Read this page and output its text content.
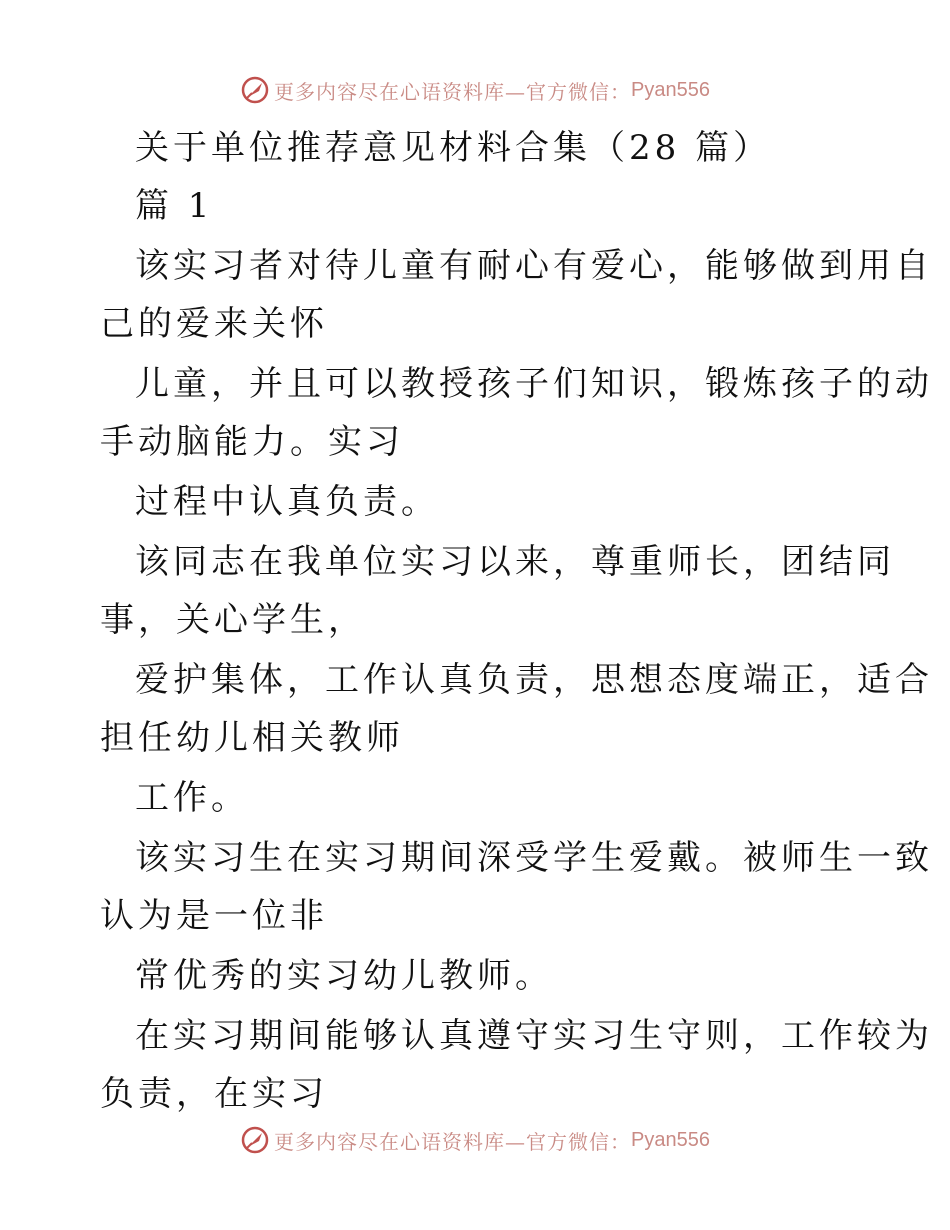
更多内容尽在心语资料库—官方微信： Pyan556
关于单位推荐意见材料合集（28 篇）
篇 1
该实习者对待儿童有耐心有爱心，能够做到用自
己的爱来关怀
儿童，并且可以教授孩子们知识，锻炼孩子的动
手动脑能力。实习
过程中认真负责。
该同志在我单位实习以来，尊重师长，团结同
事，关心学生，
爱护集体，工作认真负责，思想态度端正，适合
担任幼儿相关教师
工作。
该实习生在实习期间深受学生爱戴。被师生一致
认为是一位非
常优秀的实习幼儿教师。
在实习期间能够认真遵守实习生守则，工作较为
负责，在实习
更多内容尽在心语资料库—官方微信： Pyan556
